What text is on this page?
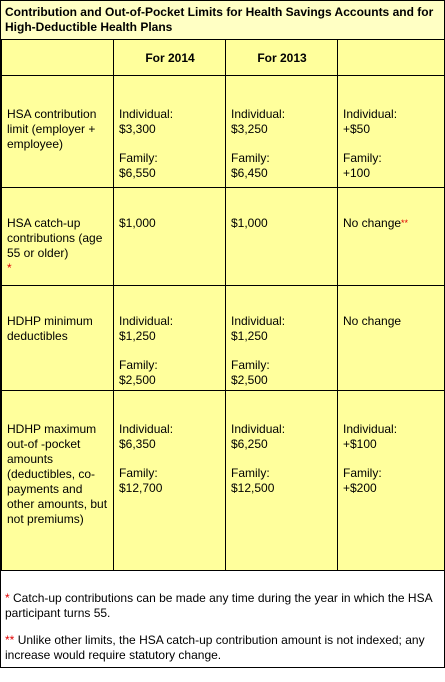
Contribution and Out-of-Pocket Limits for Health Savings Accounts and for High-Deductible Health Plans
	For 2014	For 2013	
HSA contribution limit (employer + employee)	Individual:
$3,300
Family:
$6,550	Individual:
$3,250
Family:
$6,450	Individual:
+$50
Family:
+100

HSA catch-up contributions (age 55 or older)
*	$1,000	$1,000	No change**
HDHP minimum deductibles	Individual:
$1,250
Family:
$2,500	Individual:
$1,250
Family:
$2,500	No change
HDHP maximum out-of -pocket amounts (deductibles, co-payments and other amounts, but not premiums)	Individual:
$6,350
Family:
$12,700	Individual:
$6,250
Family:
$12,500	Individual:
+$100
Family:
+$200

* Catch-up contributions can be made any time during the year in which the HSA participant turns 55.

** Unlike other limits, the HSA catch-up contribution amount is not indexed; any increase would require statutory change.
